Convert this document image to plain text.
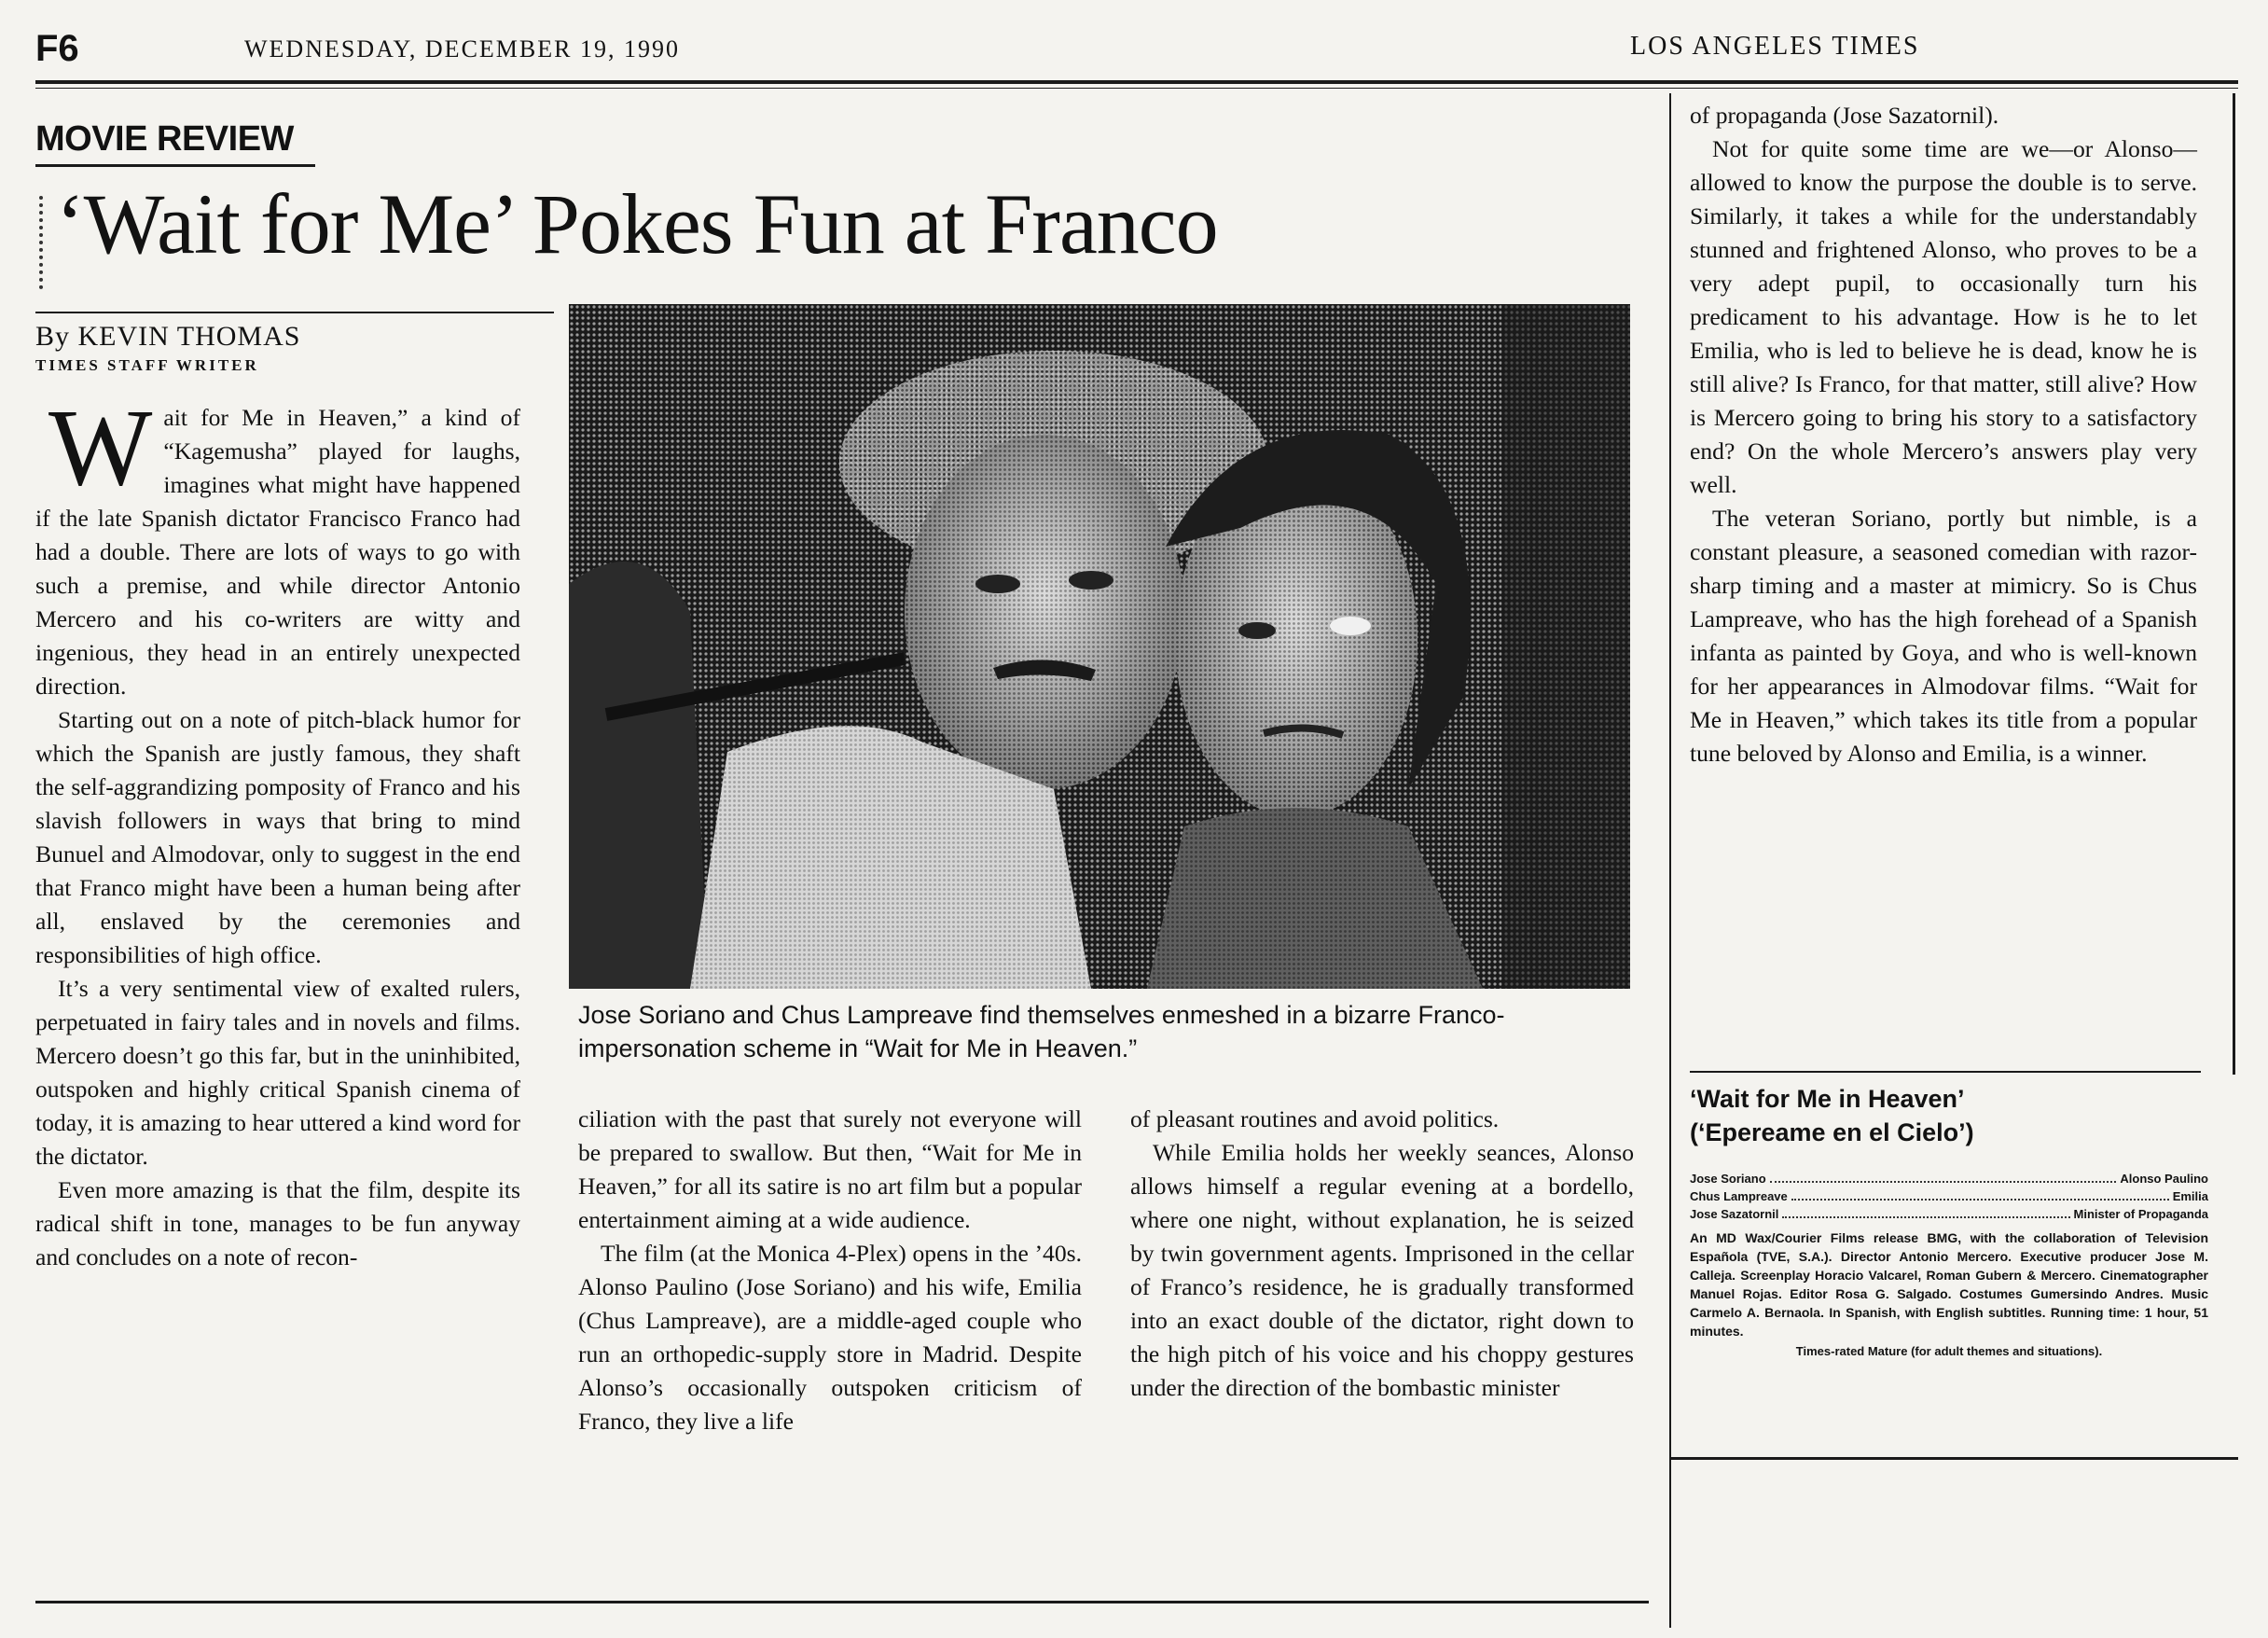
F6	WEDNESDAY, DECEMBER 19, 1990	LOS ANGELES TIMES
MOVIE REVIEW
‘Wait for Me’ Pokes Fun at Franco
By KEVIN THOMAS
TIMES STAFF WRITER

Wait for Me in Heaven,” a kind of “Kagemusha” played for laughs, imagines what might have happened if the late Spanish dictator Francisco Franco had had a double. There are lots of ways to go with such a premise, and while director Antonio Mercero and his co-writers are witty and ingenious, they head in an entirely unexpected direction.

Starting out on a note of pitch-black humor for which the Spanish are justly famous, they shaft the self-aggrandizing pomposity of Franco and his slavish followers in ways that bring to mind Bunuel and Almodovar, only to suggest in the end that Franco might have been a human being after all, enslaved by the ceremonies and responsibilities of high office.

It’s a very sentimental view of exalted rulers, perpetuated in fairy tales and in novels and films. Mercero doesn’t go this far, but in the uninhibited, outspoken and highly critical Spanish cinema of today, it is amazing to hear uttered a kind word for the dictator.

Even more amazing is that the film, despite its radical shift in tone, manages to be fun anyway and concludes on a note of recon-

Jose Soriano and Chus Lampreave find themselves enmeshed in a bizarre Franco-impersonation scheme in “Wait for Me in Heaven.”

ciliation with the past that surely not everyone will be prepared to swallow. But then, “Wait for Me in Heaven,” for all its satire is no art film but a popular entertainment aiming at a wide audience.

The film (at the Monica 4-Plex) opens in the ’40s. Alonso Paulino (Jose Soriano) and his wife, Emilia (Chus Lampreave), are a middle-aged couple who run an orthopedic-supply store in Madrid. Despite Alonso’s occasionally outspoken criticism of Franco, they live a life

of pleasant routines and avoid politics.

While Emilia holds her weekly seances, Alonso allows himself a regular evening at a bordello, where one night, without explanation, he is seized by twin government agents. Imprisoned in the cellar of Franco’s residence, he is gradually transformed into an exact double of the dictator, right down to the high pitch of his voice and his choppy gestures under the direction of the bombastic minister

of propaganda (Jose Sazatornil).

Not for quite some time are we—or Alonso—allowed to know the purpose the double is to serve. Similarly, it takes a while for the understandably stunned and frightened Alonso, who proves to be a very adept pupil, to occasionally turn his predicament to his advantage. How is he to let Emilia, who is led to believe he is dead, know he is still alive? Is Franco, for that matter, still alive? How is Mercero going to bring his story to a satisfactory end? On the whole Mercero’s answers play very well.

The veteran Soriano, portly but nimble, is a constant pleasure, a seasoned comedian with razor-sharp timing and a master at mimicry. So is Chus Lampreave, who has the high forehead of a Spanish infanta as painted by Goya, and who is well-known for her appearances in Almodovar films. “Wait for Me in Heaven,” which takes its title from a popular tune beloved by Alonso and Emilia, is a winner.

‘Wait for Me in Heaven’
(‘Epereame en el Cielo’)
Jose Soriano	Alonso Paulino
Chus Lampreave	Emilia
Jose Sazatornil	Minister of Propaganda
An MD Wax/Courier Films release BMG, with the collaboration of Television Española (TVE, S.A.). Director Antonio Mercero. Executive producer Jose M. Calleja. Screenplay Horacio Valcarel, Roman Gubern & Mercero. Cinematographer Manuel Rojas. Editor Rosa G. Salgado. Costumes Gumersindo Andres. Music Carmelo A. Bernaola. In Spanish, with English subtitles. Running time: 1 hour, 51 minutes.
Times-rated Mature (for adult themes and situations).
